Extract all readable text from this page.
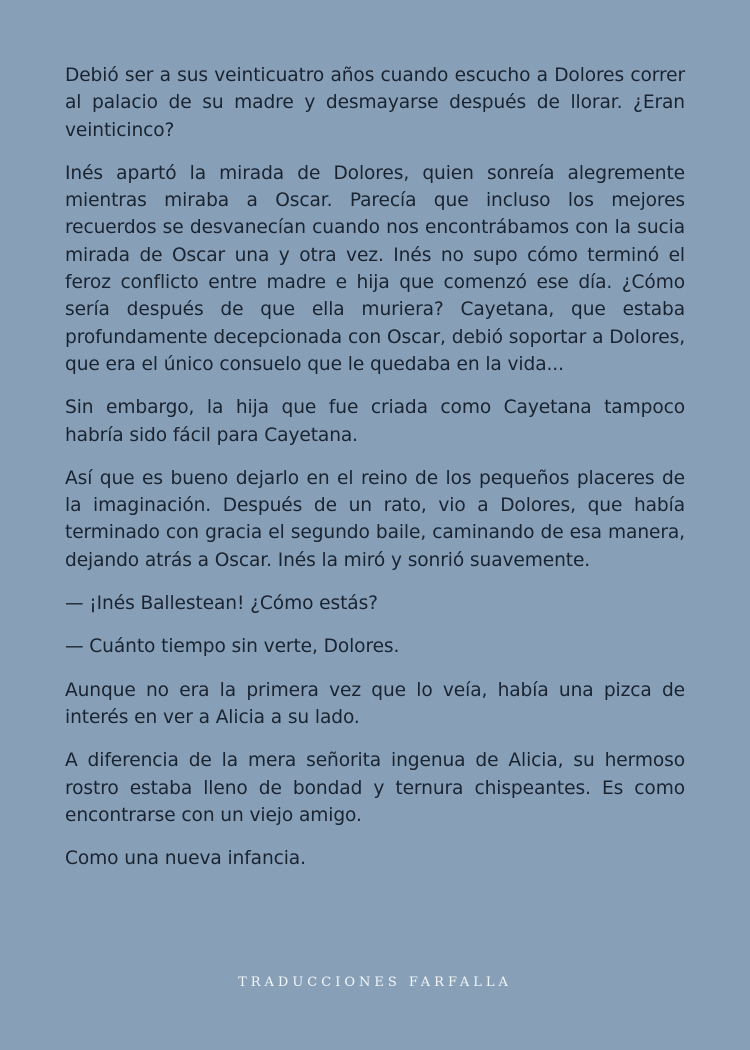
Debió ser a sus veinticuatro años cuando escucho a Dolores correr al palacio de su madre y desmayarse después de llorar. ¿Eran veinticinco?

Inés apartó la mirada de Dolores, quien sonreía alegremente mientras miraba a Oscar. Parecía que incluso los mejores recuerdos se desvanecían cuando nos encontrábamos con la sucia mirada de Oscar una y otra vez. Inés no supo cómo terminó el feroz conflicto entre madre e hija que comenzó ese día. ¿Cómo sería después de que ella muriera? Cayetana, que estaba profundamente decepcionada con Oscar, debió soportar a Dolores, que era el único consuelo que le quedaba en la vida...

Sin embargo, la hija que fue criada como Cayetana tampoco habría sido fácil para Cayetana.

Así que es bueno dejarlo en el reino de los pequeños placeres de la imaginación. Después de un rato, vio a Dolores, que había terminado con gracia el segundo baile, caminando de esa manera, dejando atrás a Oscar. Inés la miró y sonrió suavemente.

— ¡Inés Ballestean! ¿Cómo estás?

— Cuánto tiempo sin verte, Dolores.

Aunque no era la primera vez que lo veía, había una pizca de interés en ver a Alicia a su lado.

A diferencia de la mera señorita ingenua de Alicia, su hermoso rostro estaba lleno de bondad y ternura chispeantes. Es como encontrarse con un viejo amigo.

Como una nueva infancia.

TRADUCCIONES FARFALLA
